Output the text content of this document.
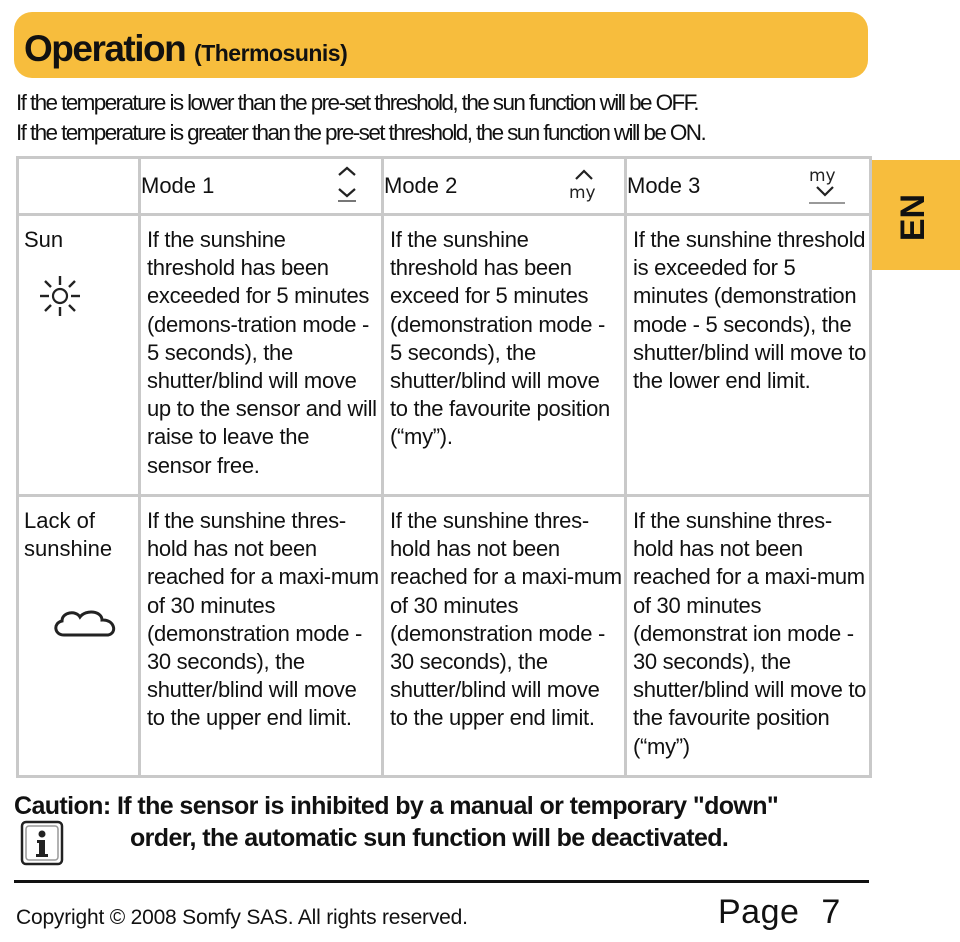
Operation (Thermosunis)
If the temperature is lower than the pre-set threshold, the sun function will be OFF.
If the temperature is greater than the pre-set threshold, the sun function will be ON.
EN
	Mode 1	Mode 2 my	Mode 3 my

Sun	If the sunshine threshold has been exceeded for 5 minutes (demons-tration mode - 5 seconds), the shutter/blind will move up to the sensor and will raise to leave the sensor free.	If the sunshine threshold has been exceed for 5 minutes (demonstration mode - 5 seconds), the shutter/blind will move to the favourite position (“my”).	If the sunshine threshold is exceeded for 5 minutes (demonstration mode - 5 seconds), the shutter/blind will move to the lower end limit.

Lack of sunshine	If the sunshine thres-hold has not been reached for a maxi-mum of 30 minutes (demonstration mode - 30 seconds), the shutter/blind will move to the upper end limit.	If the sunshine thres-hold has not been reached for a maxi-mum of 30 minutes (demonstration mode - 30 seconds), the shutter/blind will move to the upper end limit.	If the sunshine thres-hold has not been reached for a maxi-mum of 30 minutes (demonstrat ion mode - 30 seconds), the shutter/blind will move to the favourite position (“my”)
Caution: If the sensor is inhibited by a manual or temporary "down"
order, the automatic sun function will be deactivated.
Copyright © 2008 Somfy SAS. All rights reserved.	Page 7
